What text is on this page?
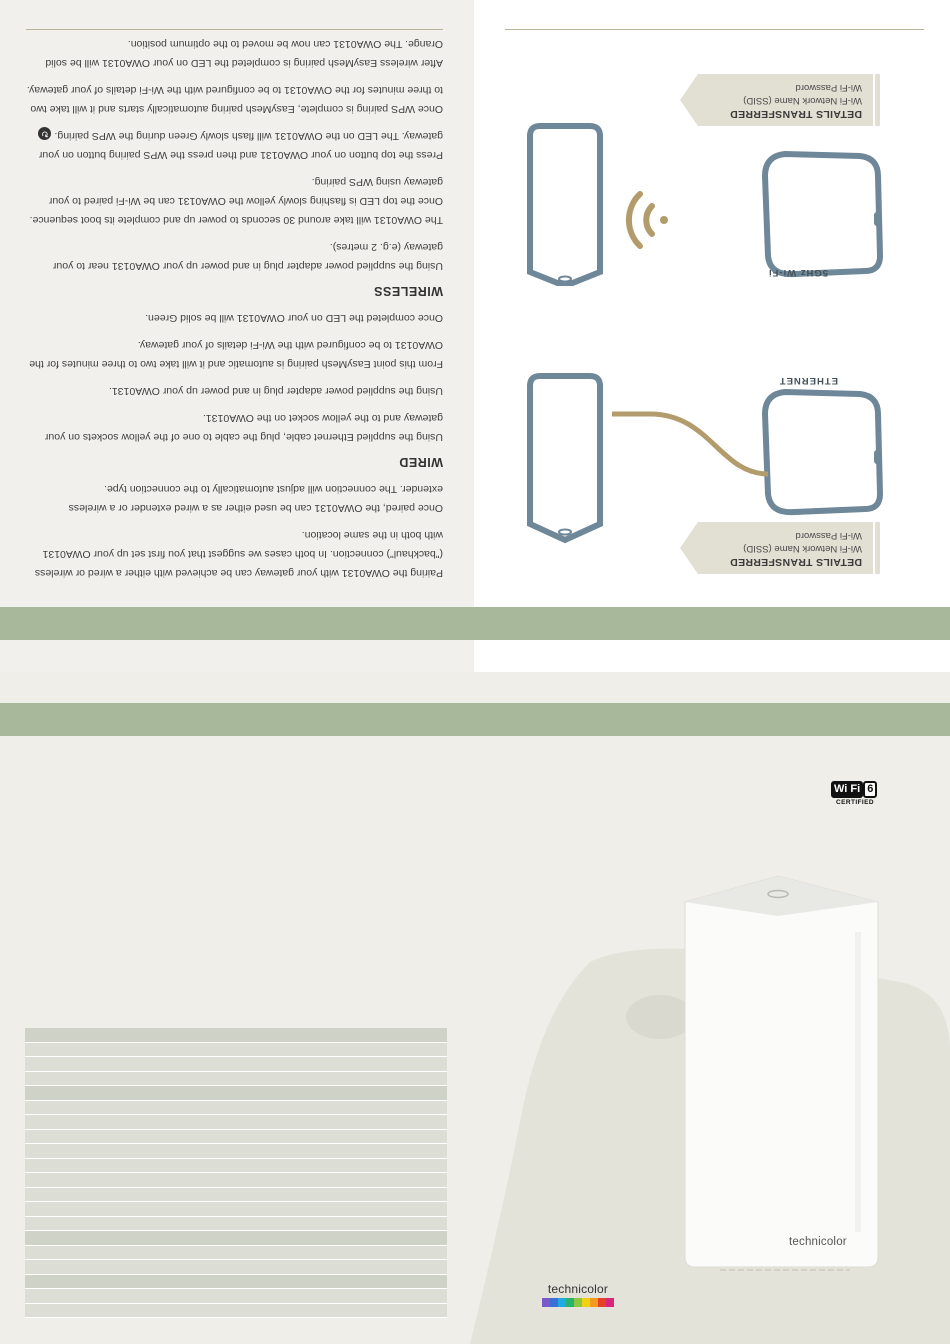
Wired or Wireless

Pairing the OWA0131 with your gateway can be achieved with either a wired or wireless ("backhaul") connection. In both cases we suggest that you first set up your OWA0131 with both in the same location.

Once paired, the OWA0131 can be used either as a wired extender or a wireless extender. The connection will adjust automatically to the connection type.

WIRED

Using the supplied Ethernet cable, plug the cable to one of the yellow sockets on your gateway and to the yellow socket on the OWA0131.

Using the supplied power adapter plug in and power up your OWA0131.

From this point EasyMesh pairing is automatic and it will take two to three minutes for the OWA0131 to be configured with the Wi-Fi details of your gateway.

Once completed the LED on your OWA0131 will be solid Green.

WIRELESS

Using the supplied power adapter plug in and power up your OWA0131 near to your gateway (e.g. 2 metres).

The OWA0131 will take around 30 seconds to power up and complete its boot sequence. Once the top LED is flashing slowly yellow the OWA0131 can be Wi-Fi paired to your gateway using WPS pairing.

Press the top button on your OWA0131 and then press the WPS pairing button on your gateway. The LED on the OWA0131 will flash slowly Green during the WPS pairing.↻

Once WPS pairing is complete, EasyMesh pairing automatically starts and it will take two to three minutes for the OWA0131 to be configured with the Wi-Fi details of your gateway.

After wireless EasyMesh pairing is completed the LED on your OWA0131 will be solid Orange. The OWA0131 can now be moved to the optimum position.

DETAILS TRANSFERRED
Wi-Fi Network Name (SSID)
Wi-Fi Password
ETHERNET
DETAILS TRANSFERRED
Wi-Fi Network Name (SSID)
Wi-Fi Password
5GHz Wi-Fi
Wi Fi 6
CERTIFIED
technicolor
technicolor
